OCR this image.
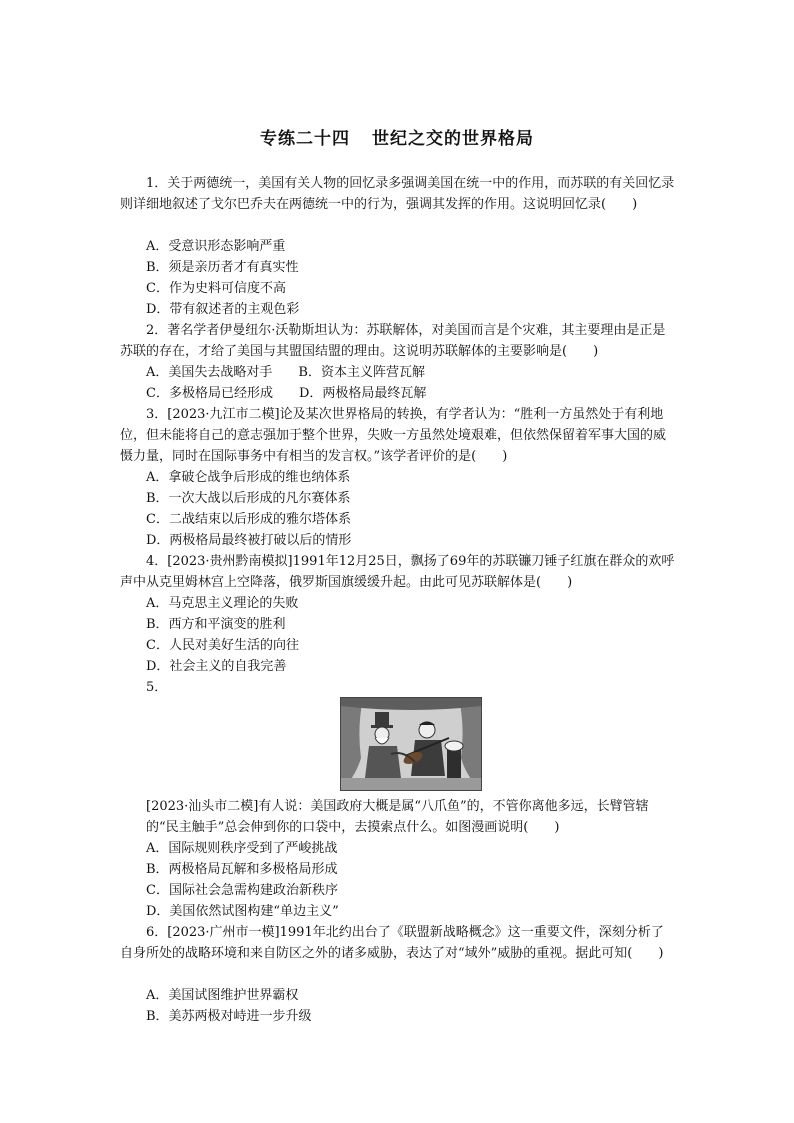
专练二十四 世纪之交的世界格局
1．关于两德统一，美国有关人物的回忆录多强调美国在统一中的作用，而苏联的有关回忆录则详细地叙述了戈尔巴乔夫在两德统一中的行为，强调其发挥的作用。这说明回忆录(　　)
A．受意识形态影响严重
B．须是亲历者才有真实性
C．作为史料可信度不高
D．带有叙述者的主观色彩
2．著名学者伊曼纽尔·沃勒斯坦认为：苏联解体，对美国而言是个灾难，其主要理由是正是苏联的存在，才给了美国与其盟国结盟的理由。这说明苏联解体的主要影响是(　　)
A．美国失去战略对手　　B．资本主义阵营瓦解
C．多极格局已经形成　　D．两极格局最终瓦解
3．[2023·九江市二模]论及某次世界格局的转换，有学者认为：“胜利一方虽然处于有利地位，但未能将自己的意志强加于整个世界，失败一方虽然处境艰难，但依然保留着军事大国的威慑力量，同时在国际事务中有相当的发言权。”该学者评价的是(　　)
A．拿破仑战争后形成的维也纳体系
B．一次大战以后形成的凡尔赛体系
C．二战结束以后形成的雅尔塔体系
D．两极格局最终被打破以后的情形
4．[2023·贵州黔南模拟]1991年12月25日，飘扬了69年的苏联镰刀锤子红旗在群众的欢呼声中从克里姆林宫上空降落，俄罗斯国旗缓缓升起。由此可见苏联解体是(　　)
A．马克思主义理论的失败
B．西方和平演变的胜利
C．人民对美好生活的向往
D．社会主义的自我完善
5．
[2023·汕头市二模]有人说：美国政府大概是属“八爪鱼”的，不管你离他多远，长臂管辖的“民主触手”总会伸到你的口袋中，去摸索点什么。如图漫画说明(　　)
A．国际规则秩序受到了严峻挑战
B．两极格局瓦解和多极格局形成
C．国际社会急需构建政治新秩序
D．美国依然试图构建“单边主义”
6．[2023·广州市一模]1991年北约出台了《联盟新战略概念》这一重要文件，深刻分析了自身所处的战略环境和来自防区之外的诸多威胁，表达了对“域外”威胁的重视。据此可知(　　)
A．美国试图维护世界霸权
B．美苏两极对峙进一步升级
